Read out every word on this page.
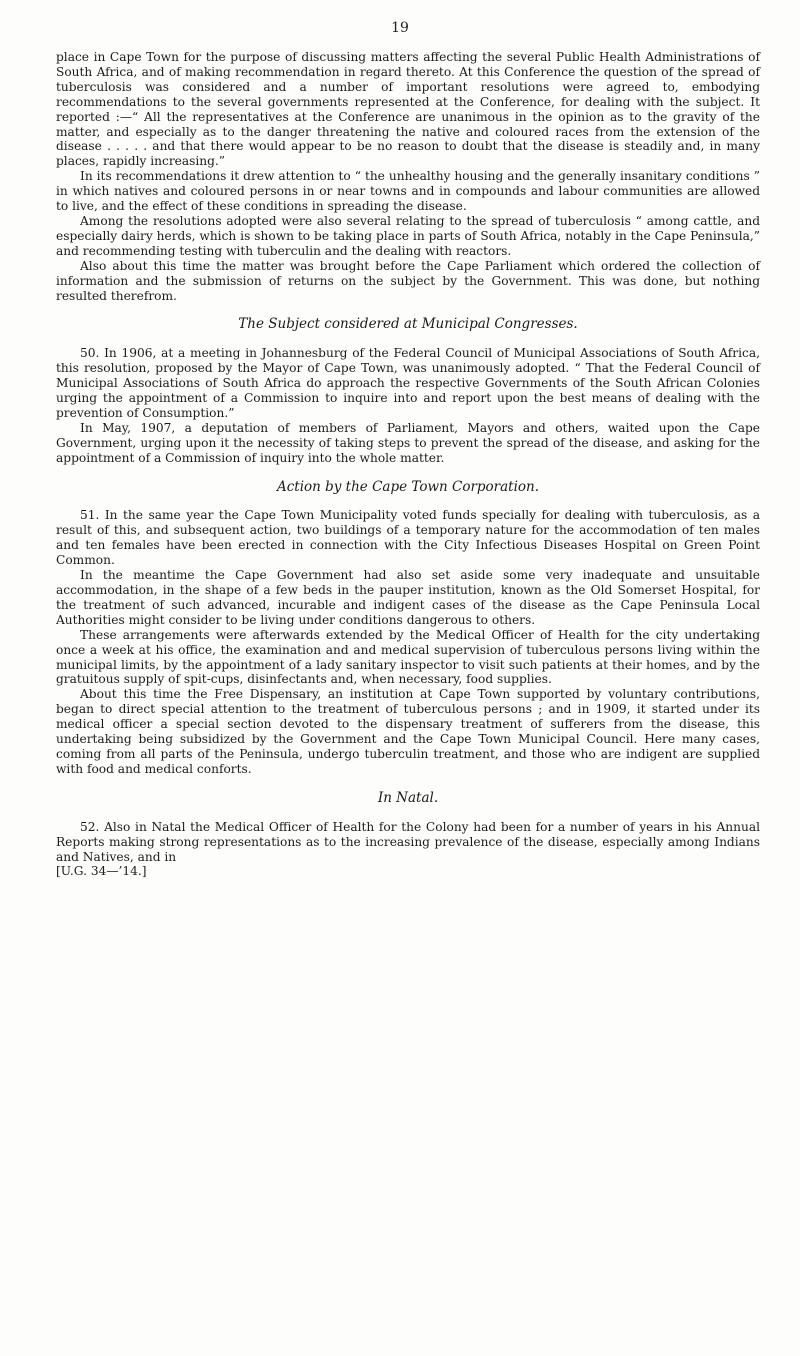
19

place in Cape Town for the purpose of discussing matters affecting the several Public Health Administrations of South Africa, and of making recommendation in regard thereto. At this Conference the question of the spread of tuberculosis was considered and a number of important resolutions were agreed to, embodying recommendations to the several governments represented at the Conference, for dealing with the subject. It reported :—“ All the representatives at the Conference are unanimous in the opinion as to the gravity of the matter, and especially as to the danger threatening the native and coloured races from the extension of the disease . . . . . and that there would appear to be no reason to doubt that the disease is steadily and, in many places, rapidly increasing.”

In its recommendations it drew attention to “ the unhealthy housing and the generally insanitary conditions ” in which natives and coloured persons in or near towns and in compounds and labour communities are allowed to live, and the effect of these conditions in spreading the disease.

Among the resolutions adopted were also several relating to the spread of tuberculosis “ among cattle, and especially dairy herds, which is shown to be taking place in parts of South Africa, notably in the Cape Peninsula,” and recommending testing with tuberculin and the dealing with reactors.

Also about this time the matter was brought before the Cape Parliament which ordered the collection of information and the submission of returns on the subject by the Government. This was done, but nothing resulted therefrom.

The Subject considered at Municipal Congresses.

50. In 1906, at a meeting in Johannesburg of the Federal Council of Municipal Associations of South Africa, this resolution, proposed by the Mayor of Cape Town, was unanimously adopted. “ That the Federal Council of Municipal Associations of South Africa do approach the respective Governments of the South African Colonies urging the appointment of a Commission to inquire into and report upon the best means of dealing with the prevention of Consumption.”

In May, 1907, a deputation of members of Parliament, Mayors and others, waited upon the Cape Government, urging upon it the necessity of taking steps to prevent the spread of the disease, and asking for the appointment of a Commission of inquiry into the whole matter.

Action by the Cape Town Corporation.

51. In the same year the Cape Town Municipality voted funds specially for dealing with tuberculosis, as a result of this, and subsequent action, two buildings of a temporary nature for the accommodation of ten males and ten females have been erected in connection with the City Infectious Diseases Hospital on Green Point Common.

In the meantime the Cape Government had also set aside some very inadequate and unsuitable accommodation, in the shape of a few beds in the pauper institution, known as the Old Somerset Hospital, for the treatment of such advanced, incurable and indigent cases of the disease as the Cape Peninsula Local Authorities might consider to be living under conditions dangerous to others.

These arrangements were afterwards extended by the Medical Officer of Health for the city undertaking once a week at his office, the examination and and medical supervision of tuberculous persons living within the municipal limits, by the appointment of a lady sanitary inspector to visit such patients at their homes, and by the gratuitous supply of spit-cups, disinfectants and, when necessary, food supplies.

About this time the Free Dispensary, an institution at Cape Town supported by voluntary contributions, began to direct special attention to the treatment of tuberculous persons ; and in 1909, it started under its medical officer a special section devoted to the dispensary treatment of sufferers from the disease, this undertaking being subsidized by the Government and the Cape Town Municipal Council. Here many cases, coming from all parts of the Peninsula, undergo tuberculin treatment, and those who are indigent are supplied with food and medical conforts.

In Natal.

52. Also in Natal the Medical Officer of Health for the Colony had been for a number of years in his Annual Reports making strong representations as to the increasing prevalence of the disease, especially among Indians and Natives, and in

[U.G. 34—’14.]
